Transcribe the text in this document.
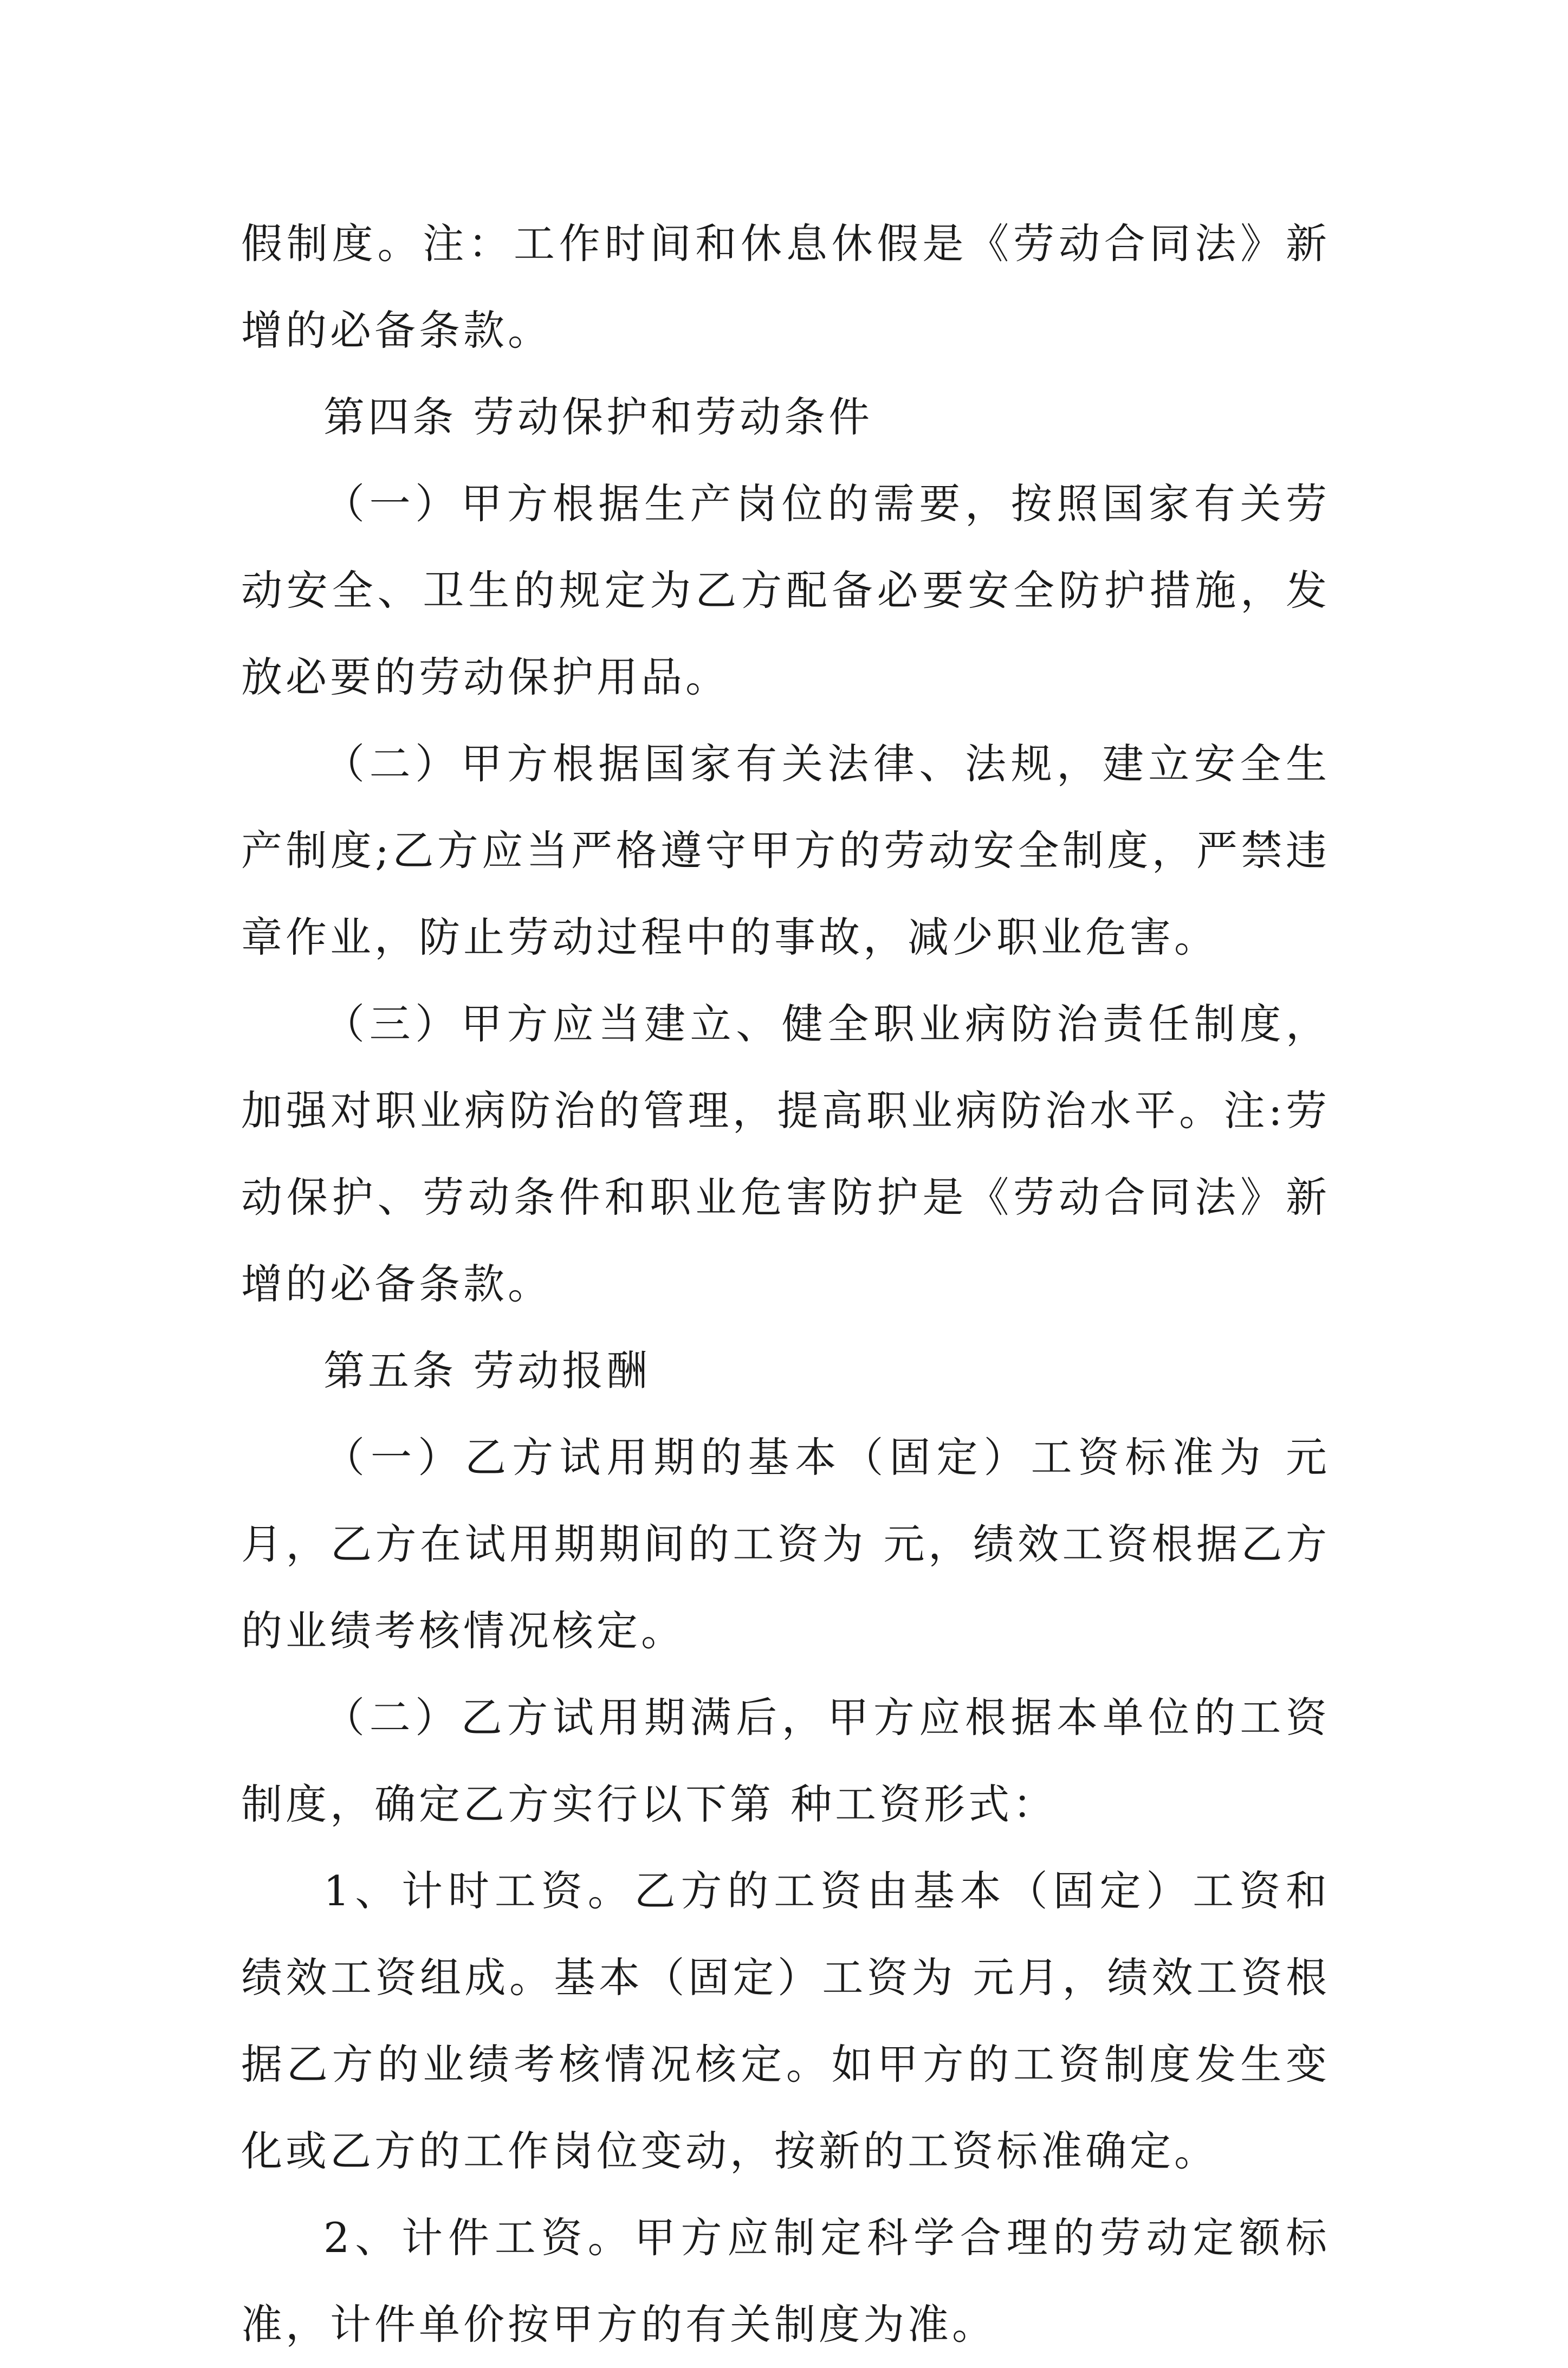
假制度。注：工作时间和休息休假是《劳动合同法》新增的必备条款。

第四条 劳动保护和劳动条件

（一）甲方根据生产岗位的需要，按照国家有关劳动安全、卫生的规定为乙方配备必要安全防护措施，发放必要的劳动保护用品。

（二）甲方根据国家有关法律、法规，建立安全生产制度;乙方应当严格遵守甲方的劳动安全制度，严禁违章作业，防止劳动过程中的事故，减少职业危害。

（三）甲方应当建立、健全职业病防治责任制度，加强对职业病防治的管理，提高职业病防治水平。注:劳动保护、劳动条件和职业危害防护是《劳动合同法》新增的必备条款。

第五条 劳动报酬

（一）乙方试用期的基本（固定）工资标准为 元月，乙方在试用期期间的工资为 元，绩效工资根据乙方的业绩考核情况核定。

（二）乙方试用期满后，甲方应根据本单位的工资制度，确定乙方实行以下第 种工资形式：

1、计时工资。乙方的工资由基本（固定）工资和绩效工资组成。基本（固定）工资为 元月，绩效工资根据乙方的业绩考核情况核定。如甲方的工资制度发生变化或乙方的工作岗位变动，按新的工资标准确定。

2、计件工资。甲方应制定科学合理的劳动定额标准，计件单价按甲方的有关制度为准。
